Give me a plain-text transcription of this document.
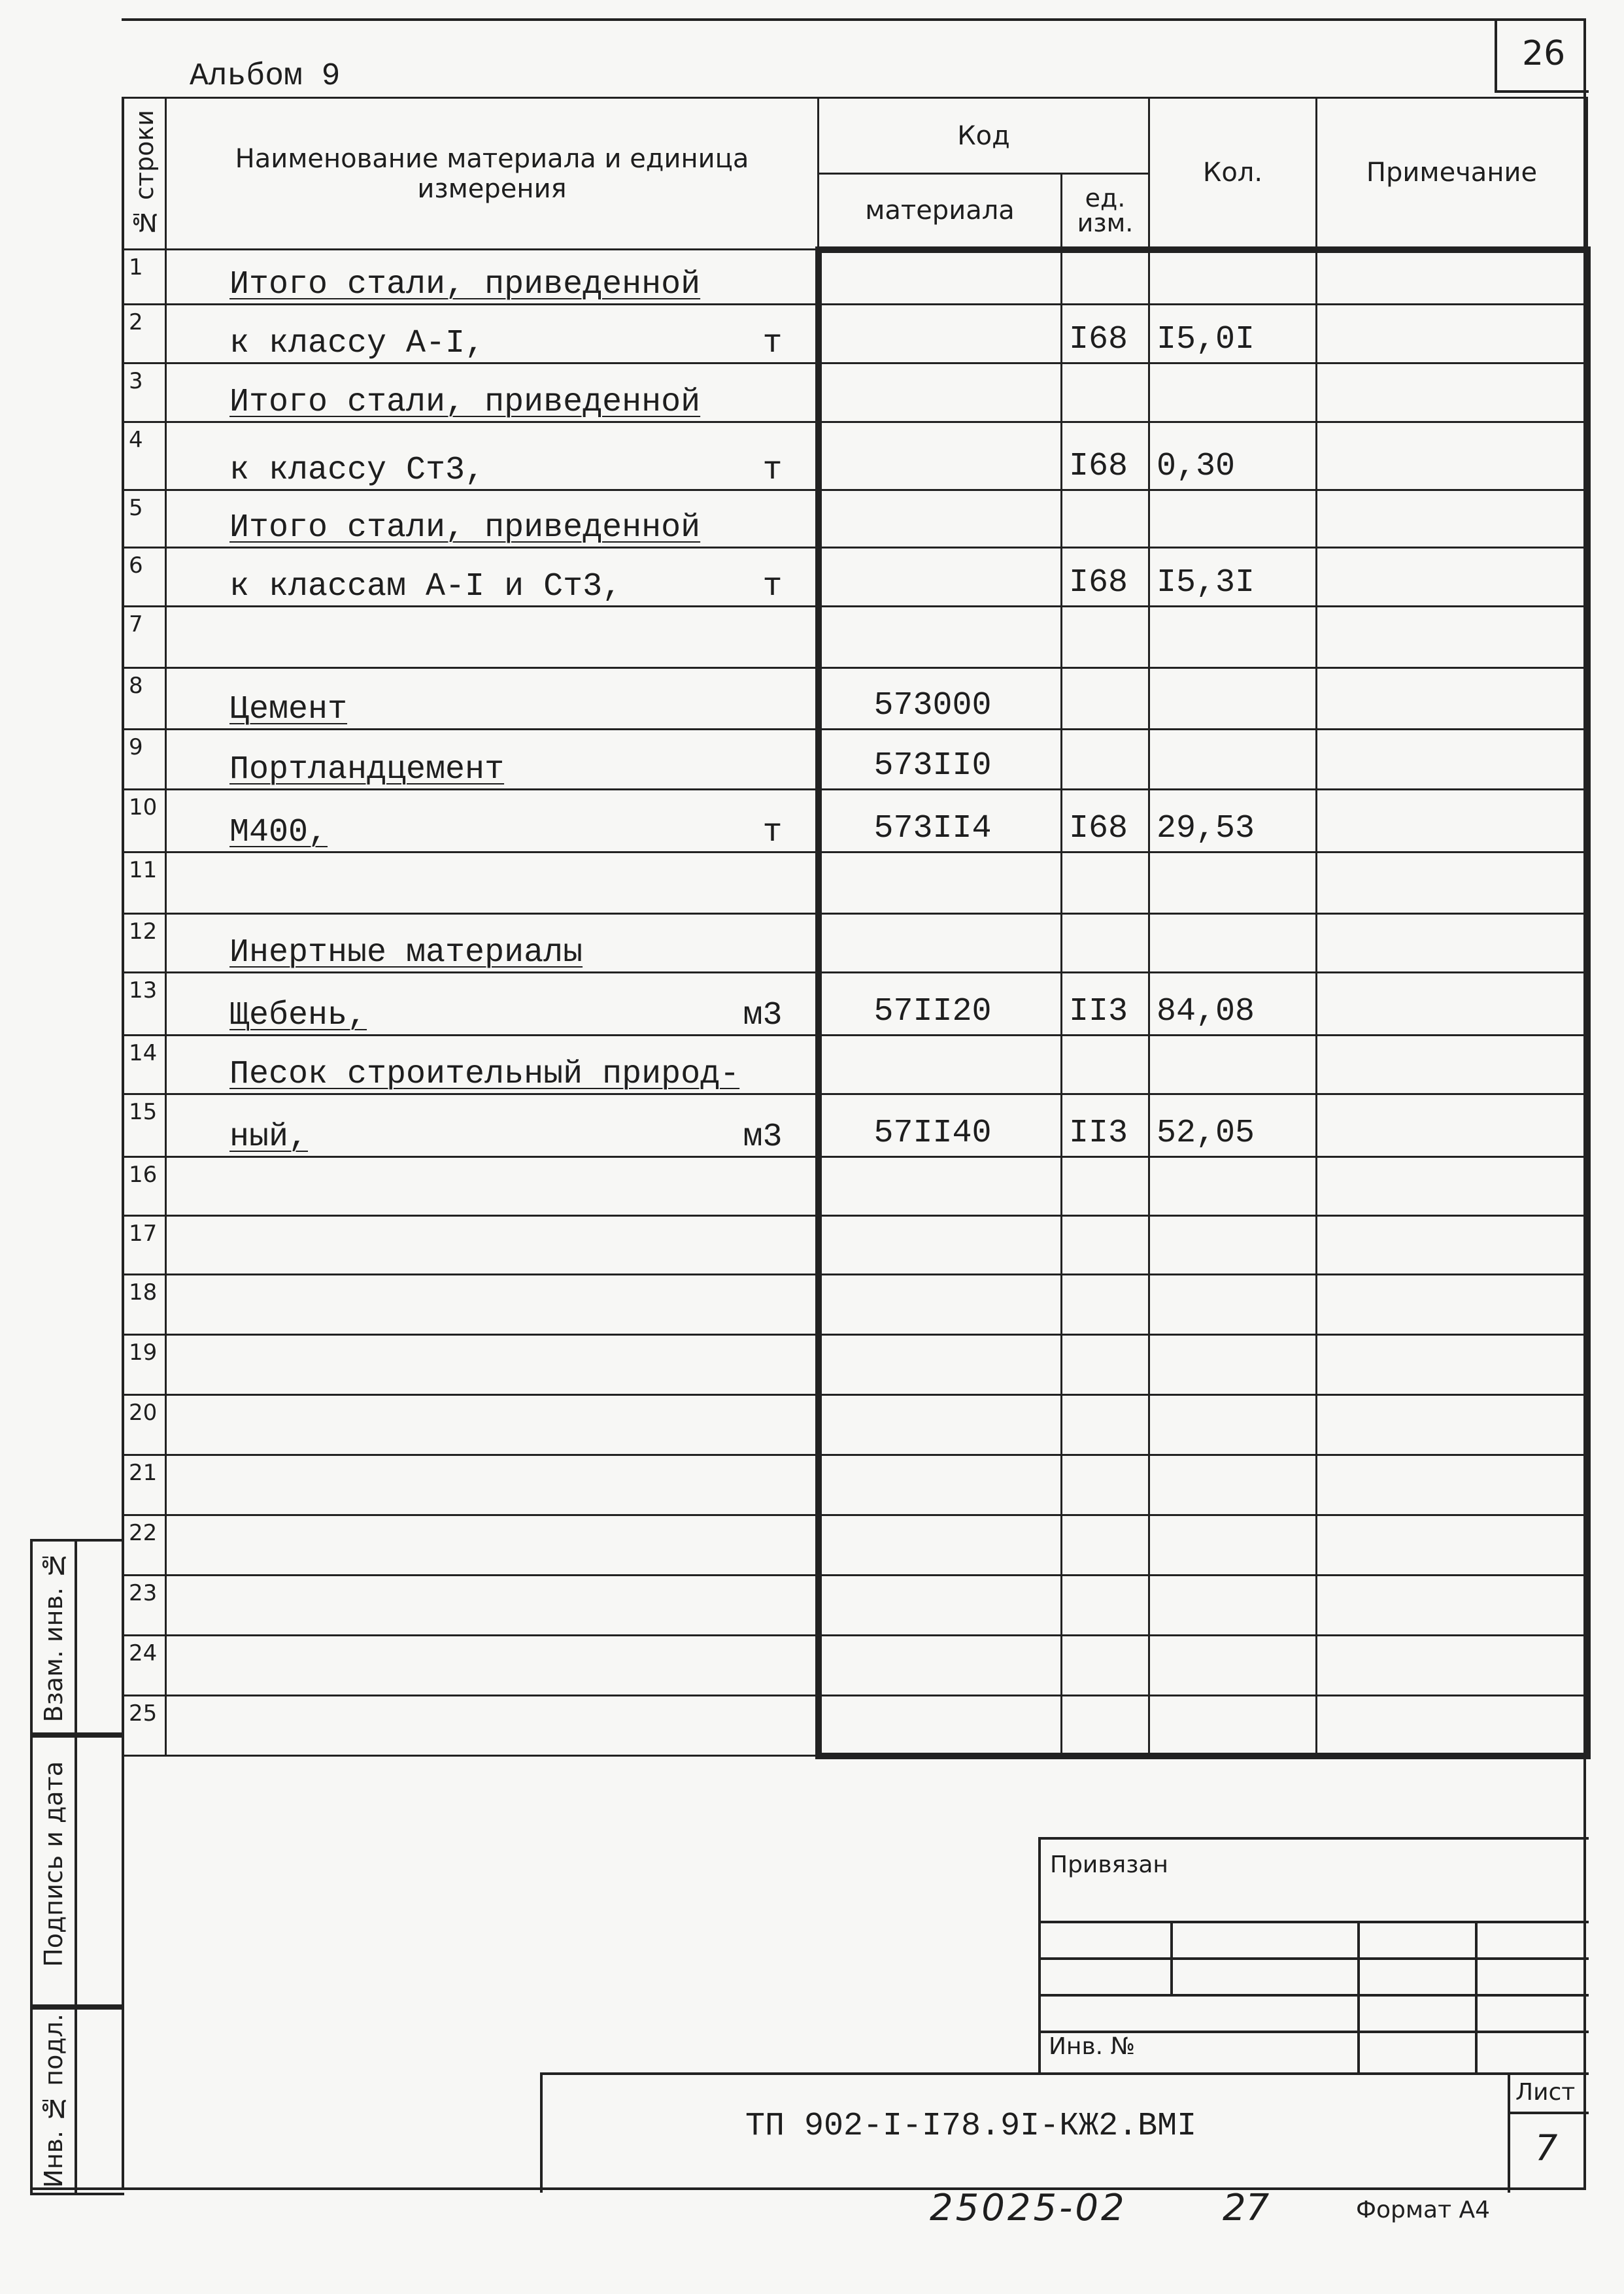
26
Альбом 9
№ строки	Наименование материала и единица измерения	Код		Кол.	Примечание
		материала	ед. изм.		
1	Итого стали, приведенной				

2	к классу А-I, т		I68	I5,0I	
3	Итого стали, приведенной				

4	к классу Ст3, т		I68	0,30	
5	Итого стали, приведенной				

6	к классам А-I и Ст3, т		I68	I5,3I	
7	

8	Цемент	573000			
9	Портландцемент	573II0			
10	М400, т	573II4	I68	29,53	
11	

12	Инертные материалы				

13	Щебень, м3	57II20	II3	84,08	
14	Песок строительный природ-				

15	ный, м3	57II40	II3	52,05	
16	

17	

18	

19	

20	

21	

22	

23	

24	

25	

Взам. инв. №
Подпись и дата
Инв. № подл.
Привязан
Инв. №
ТП 902-I-I78.9I-КЖ2.ВМI
Лист
7
25025-02	27	Формат А4
